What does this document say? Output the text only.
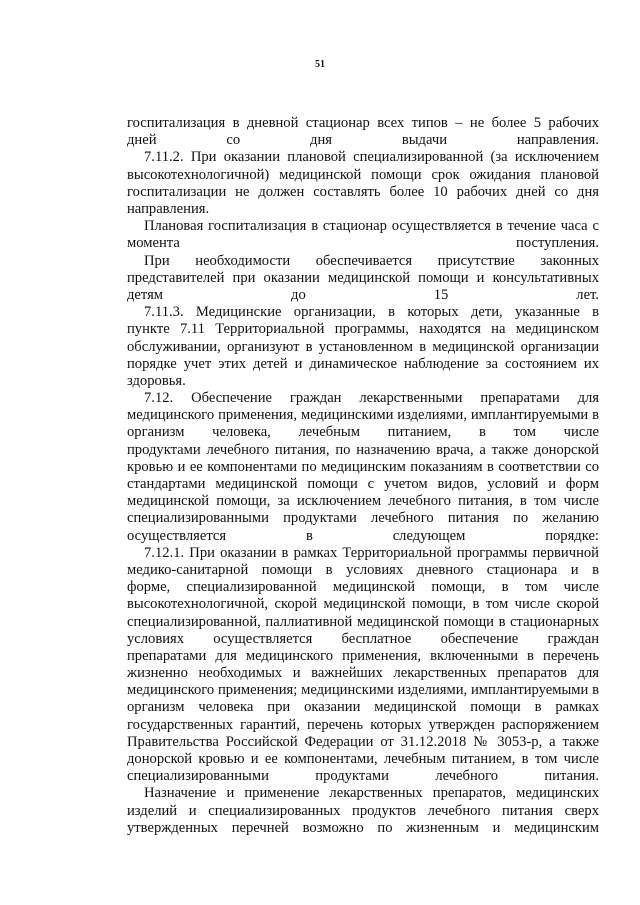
51
госпитализация в дневной стационар всех типов – не более 5 рабочих
дней со дня выдачи направления.
7.11.2. При оказании плановой специализированной (за исключением
высокотехнологичной) медицинской помощи срок ожидания плановой
госпитализации не должен составлять более 10 рабочих дней со дня
направления.
Плановая госпитализация в стационар осуществляется в течение часа с
момента поступления.
При необходимости обеспечивается присутствие законных
представителей при оказании медицинской помощи и консультативных
детям до 15 лет.
7.11.3. Медицинские организации, в которых дети, указанные в
пункте 7.11 Территориальной программы, находятся на медицинском
обслуживании, организуют в установленном в медицинской организации
порядке учет этих детей и динамическое наблюдение за состоянием их
здоровья.
7.12. Обеспечение граждан лекарственными препаратами для
медицинского применения, медицинскими изделиями, имплантируемыми в
организм человека, лечебным питанием, в том числе
продуктами лечебного питания, по назначению врача, а также донорской
кровью и ее компонентами по медицинским показаниям в соответствии со
стандартами медицинской помощи с учетом видов, условий и форм
медицинской помощи, за исключением лечебного питания, в том числе
специализированными продуктами лечебного питания по желанию
осуществляется в следующем порядке:
7.12.1. При оказании в рамках Территориальной программы первичной
медико-санитарной помощи в условиях дневного стационара и в
форме, специализированной медицинской помощи, в том числе
высокотехнологичной, скорой медицинской помощи, в том числе скорой
специализированной, паллиативной медицинской помощи в стационарных
условиях осуществляется бесплатное обеспечение граждан
препаратами для медицинского применения, включенными в перечень
жизненно необходимых и важнейших лекарственных препаратов для
медицинского применения; медицинскими изделиями, имплантируемыми в
организм человека при оказании медицинской помощи в рамках
государственных гарантий, перечень которых утвержден распоряжением
Правительства Российской Федерации от 31.12.2018 № 3053-р, а также
донорской кровью и ее компонентами, лечебным питанием, в том числе
специализированными продуктами лечебного питания.
Назначение и применение лекарственных препаратов, медицинских
изделий и специализированных продуктов лечебного питания сверх
утвержденных перечней возможно по жизненным и медицинским
